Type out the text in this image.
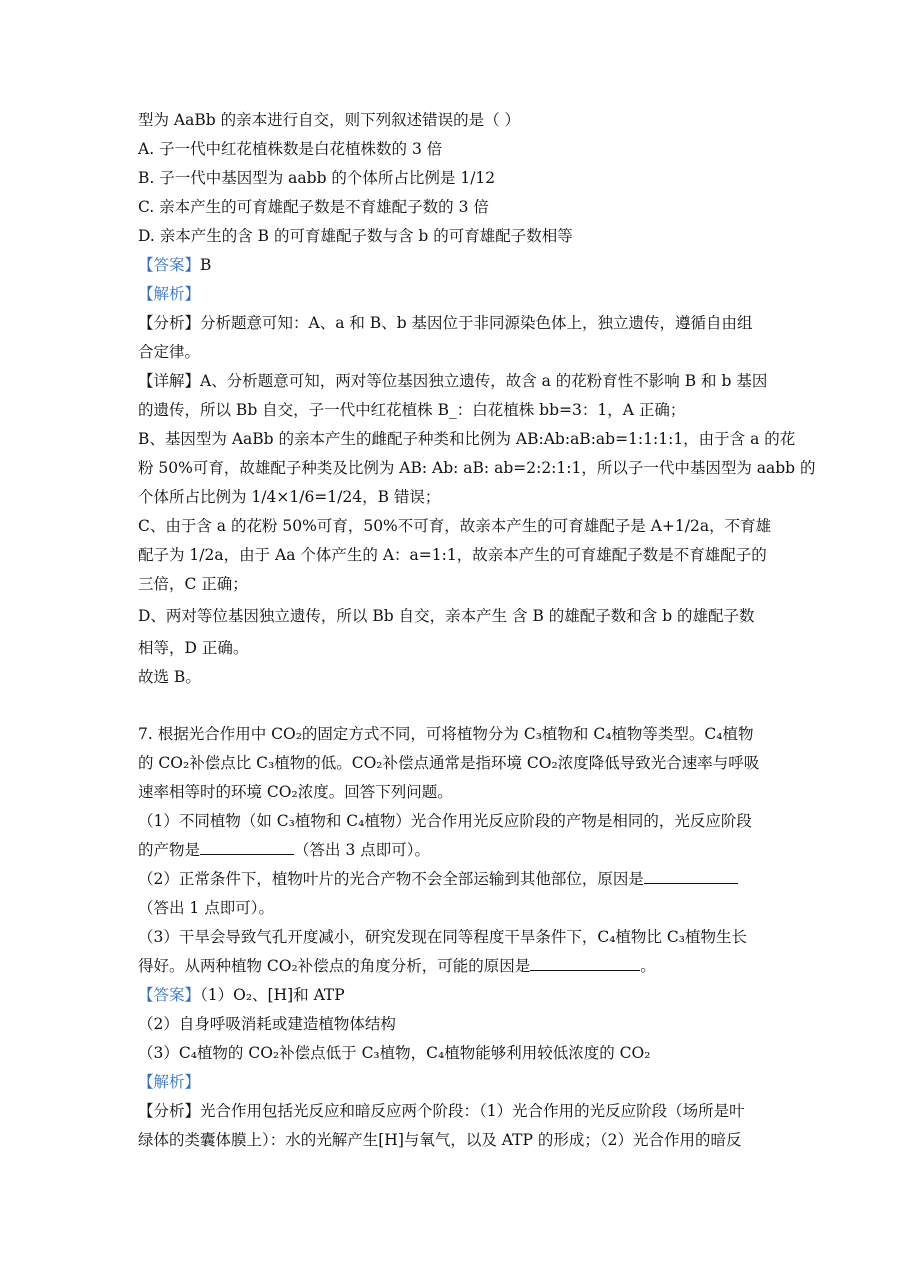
型为 AaBb 的亲本进行自交，则下列叙述错误的是（ ）
A. 子一代中红花植株数是白花植株数的 3 倍
B. 子一代中基因型为 aabb 的个体所占比例是 1/12
C. 亲本产生的可育雄配子数是不育雄配子数的 3 倍
D. 亲本产生的含 B 的可育雄配子数与含 b 的可育雄配子数相等
【答案】B
【解析】
【分析】分析题意可知：A、a 和 B、b 基因位于非同源染色体上，独立遗传，遵循自由组
合定律。
【详解】A、分析题意可知，两对等位基因独立遗传，故含 a 的花粉育性不影响 B 和 b 基因
的遗传，所以 Bb 自交，子一代中红花植株 B_：白花植株 bb=3：1，A 正确；
B、基因型为 AaBb 的亲本产生的雌配子种类和比例为 AB:Ab:aB:ab=1:1:1:1，由于含 a 的花
粉 50%可育，故雄配子种类及比例为 AB: Ab: aB: ab=2:2:1:1，所以子一代中基因型为 aabb 的
个体所占比例为 1/4×1/6=1/24，B 错误；
C、由于含 a 的花粉 50%可育，50%不可育，故亲本产生的可育雄配子是 A+1/2a，不育雄
配子为 1/2a，由于 Aa 个体产生的 A：a=1:1，故亲本产生的可育雄配子数是不育雄配子的
三倍，C 正确；
D、两对等位基因独立遗传，所以 Bb 自交，亲本产生 含 B 的雄配子数和含 b 的雄配子数
相等，D 正确。
故选 B。
7. 根据光合作用中 CO₂的固定方式不同，可将植物分为 C₃植物和 C₄植物等类型。C₄植物
的 CO₂补偿点比 C₃植物的低。CO₂补偿点通常是指环境 CO₂浓度降低导致光合速率与呼吸
速率相等时的环境 CO₂浓度。回答下列问题。
（1）不同植物（如 C₃植物和 C₄植物）光合作用光反应阶段的产物是相同的，光反应阶段
的产物是	（答出 3 点即可）。
（2）正常条件下，植物叶片的光合产物不会全部运输到其他部位，原因是
（答出 1 点即可）。
（3）干旱会导致气孔开度减小，研究发现在同等程度干旱条件下，C₄植物比 C₃植物生长
得好。从两种植物 CO₂补偿点的角度分析，可能的原因是	。
【答案】（1）O₂、[H]和 ATP
（2）自身呼吸消耗或建造植物体结构
（3）C₄植物的 CO₂补偿点低于 C₃植物，C₄植物能够利用较低浓度的 CO₂
【解析】
【分析】光合作用包括光反应和暗反应两个阶段：（1）光合作用的光反应阶段（场所是叶
绿体的类囊体膜上）：水的光解产生[H]与氧气，以及 ATP 的形成；（2）光合作用的暗反
